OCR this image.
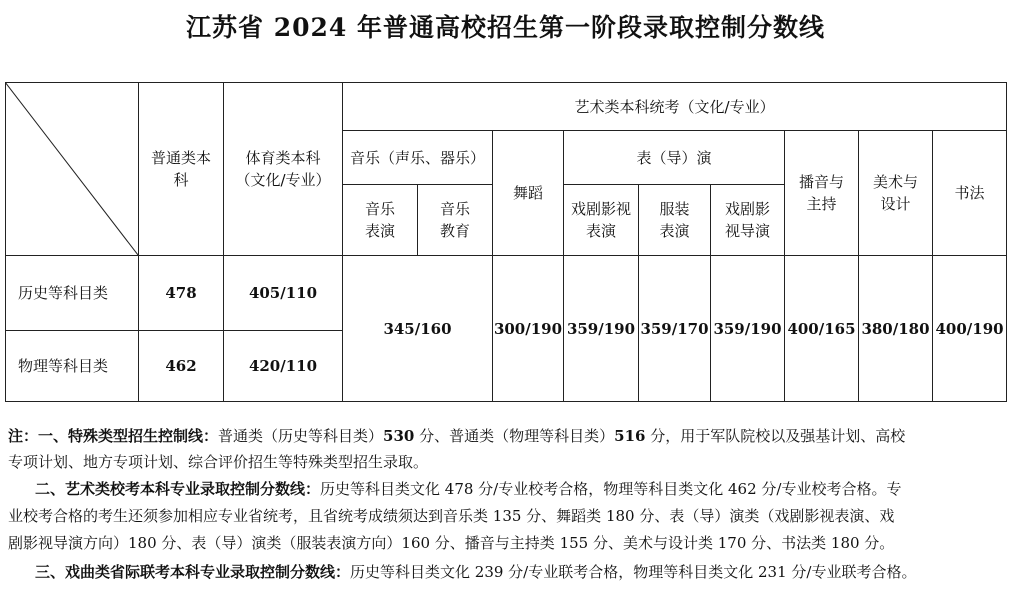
江苏省 2024 年普通高校招生第一阶段录取控制分数线

	普通类本科	体育类本科（文化/专业）	艺术类本科统考（文化/专业）								
			音乐（声乐、器乐）		舞蹈	表（导）演			播音与主持	美术与设计	书法

			音乐表演	音乐教育		戏剧影视表演	服装表演	戏剧影视导演			

历史等科目类	478	405/110	345/160		300/190	359/190	359/170	359/190	400/165	380/180	400/190
物理等科目类	462	420/110									
注：一、特殊类型招生控制线：普通类（历史等科目类）530 分、普通类（物理等科目类）516 分，用于军队院校以及强基计划、高校
专项计划、地方专项计划、综合评价招生等特殊类型招生录取。
二、艺术类校考本科专业录取控制分数线：历史等科目类文化 478 分/专业校考合格，物理等科目类文化 462 分/专业校考合格。专
业校考合格的考生还须参加相应专业省统考，且省统考成绩须达到音乐类 135 分、舞蹈类 180 分、表（导）演类（戏剧影视表演、戏
剧影视导演方向）180 分、表（导）演类（服装表演方向）160 分、播音与主持类 155 分、美术与设计类 170 分、书法类 180 分。
三、戏曲类省际联考本科专业录取控制分数线：历史等科目类文化 239 分/专业联考合格，物理等科目类文化 231 分/专业联考合格。
